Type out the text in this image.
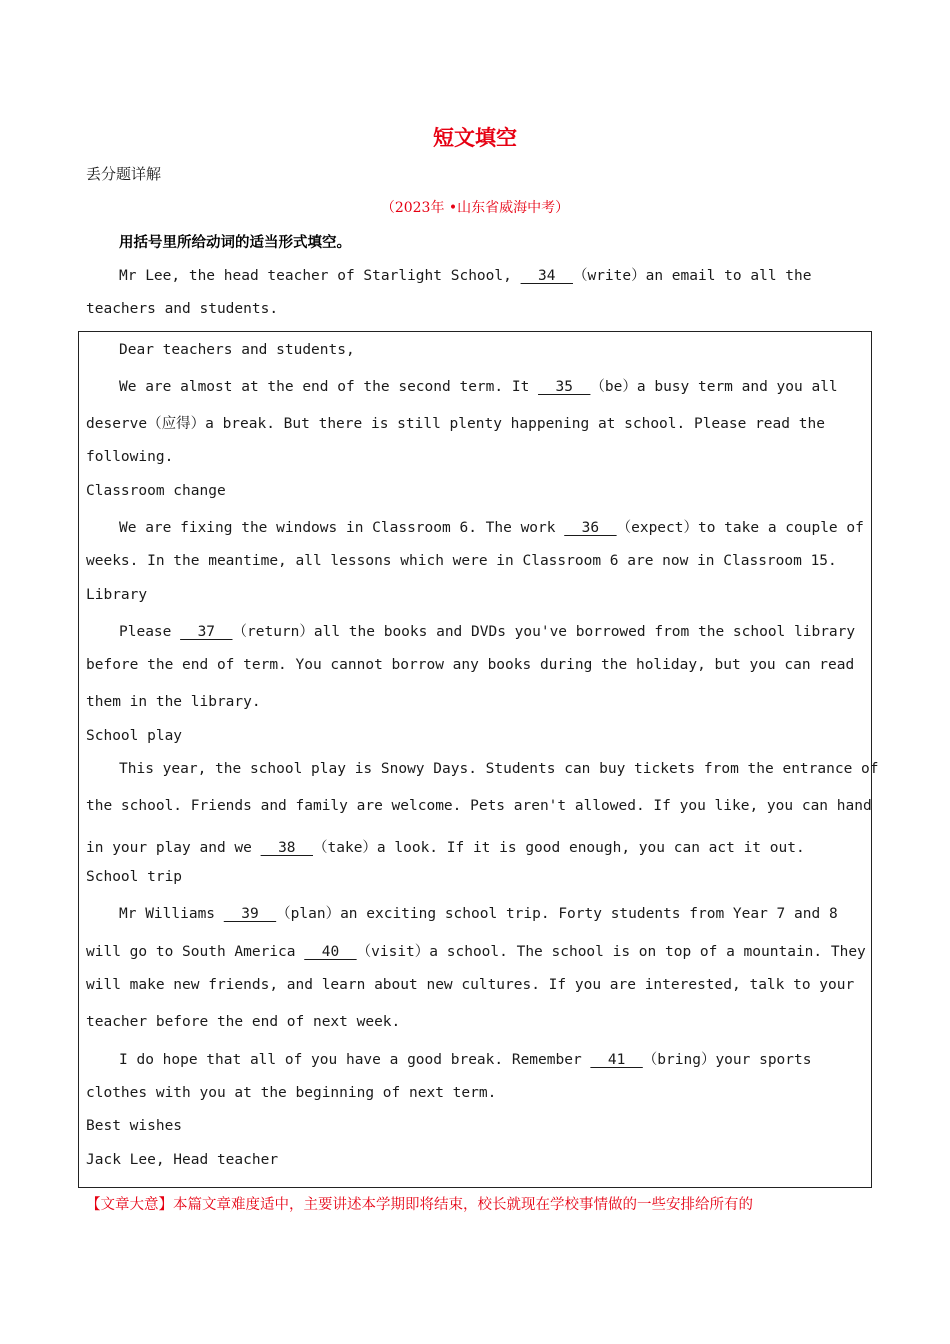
短文填空
丢分题详解
（2023年 •山东省威海中考）
用括号里所给动词的适当形式填空。
Mr Lee, the head teacher of Starlight School,   34  （write）an email to all the
teachers and students.
Dear teachers and students,
We are almost at the end of the second term. It   35  （be）a busy term and you all
deserve（应得）a break. But there is still plenty happening at school. Please read the
following.
Classroom change
We are fixing the windows in Classroom 6. The work   36  （expect）to take a couple of
weeks. In the meantime, all lessons which were in Classroom 6 are now in Classroom 15.
Library
Please   37  （return）all the books and DVDs you've borrowed from the school library
before the end of term. You cannot borrow any books during the holiday, but you can read
them in the library.
School play
This year, the school play is Snowy Days. Students can buy tickets from the entrance of
the school. Friends and family are welcome. Pets aren't allowed. If you like, you can hand
in your play and we   38  （take）a look. If it is good enough, you can act it out.
School trip
Mr Williams   39  （plan）an exciting school trip. Forty students from Year 7 and 8
will go to South America   40  （visit）a school. The school is on top of a mountain. They
will make new friends, and learn about new cultures. If you are interested, talk to your
teacher before the end of next week.
I do hope that all of you have a good break. Remember   41  （bring）your sports
clothes with you at the beginning of next term.
Best wishes
Jack Lee, Head teacher
【文章大意】本篇文章难度适中，主要讲述本学期即将结束，校长就现在学校事情做的一些安排给所有的
